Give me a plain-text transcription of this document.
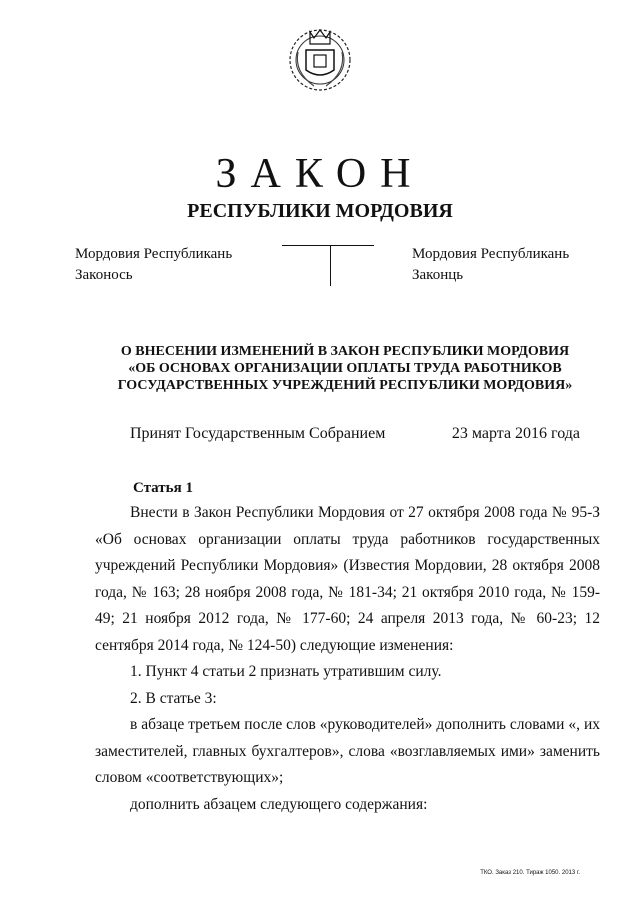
ЗАКОН
РЕСПУБЛИКИ МОРДОВИЯ
Мордовия Республикань
Законось
Мордовия Республикань
Законць
О ВНЕСЕНИИ ИЗМЕНЕНИЙ В ЗАКОН РЕСПУБЛИКИ МОРДОВИЯ
«ОБ ОСНОВАХ ОРГАНИЗАЦИИ ОПЛАТЫ ТРУДА РАБОТНИКОВ
ГОСУДАРСТВЕННЫХ УЧРЕЖДЕНИЙ РЕСПУБЛИКИ МОРДОВИЯ»
Принят Государственным Собранием	23 марта 2016 года
Статья 1

Внести в Закон Республики Мордовия от 27 октября 2008 года № 95-З «Об основах организации оплаты труда работников государственных учреждений Республики Мордовия» (Известия Мордовии, 28 октября 2008 года, № 163; 28 ноября 2008 года, № 181-34; 21 октября 2010 года, № 159-49; 21 ноября 2012 года, № 177-60; 24 апреля 2013 года, № 60-23; 12 сентября 2014 года, № 124-50) следующие изменения:

1. Пункт 4 статьи 2 признать утратившим силу.

2. В статье 3:

в абзаце третьем после слов «руководителей» дополнить словами «, их заместителей, главных бухгалтеров», слова «возглавляемых ими» заменить словом «соответствующих»;

дополнить абзацем следующего содержания:

ТКО. Заказ 210. Тираж 1050. 2013 г.
